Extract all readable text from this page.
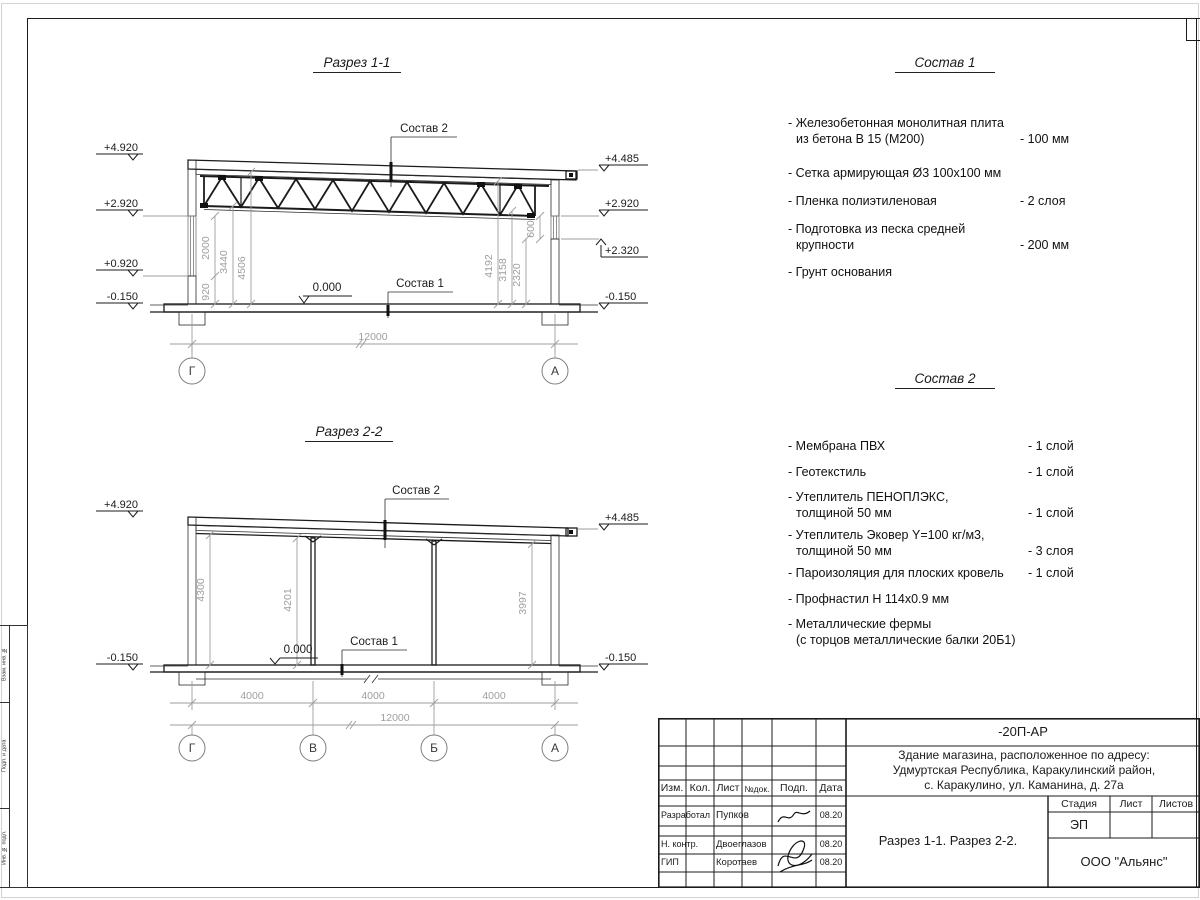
Взам. инв. №
Подп. и дата
Инв. № подл.
Разрез 1-1
Разрез 2-2
Состав 1
Состав 2
+4.920
+2.920
+0.920
-0.150
+4.485
+2.920
+2.320
-0.150
920
2000
3440 4506	4192 3158 2320
600
0.000	Состав 1
Состав 2
12000
Г	А
+4.920
-0.150
+4.485
-0.150
4300	4201	3997
0.000
Состав 1
Состав 2
4000	4000	4000
12000
Г	В	Б	А
- Железобетонная монолитная плита
из бетона В 15 (М200)	- 100 мм
- Сетка армирующая Ø3 100х100 мм
- Пленка полиэтиленовая	- 2 слоя
- Подготовка из песка средней
крупности	- 200 мм
- Грунт основания
- Мембрана ПВХ	- 1 слой
- Геотекстиль	- 1 слой
- Утеплитель ПЕНОПЛЭКС,
толщиной 50 мм	- 1 слой
- Утеплитель Эковер Y=100 кг/м3,
толщиной 50 мм	- 3 слоя
- Пароизоляция для плоских кровель - 1 слой
- Профнастил Н 114х0.9 мм
- Металлические фермы
(с торцов металлические балки 20Б1)
Изм. Кол. Лист №док.	Подп.	Дата
Разработал Пупков	08.20
Н. контр.	Двоеглазов	08.20
ГИП	Коротаев	08.20
-20П-АР
Здание магазина, расположенное по адресу:
Удмуртская Республика, Каракулинский район,
с. Каракулино, ул. Каманина, д. 27а
Стадия	Лист	Листов
ЭП
Разрез 1-1. Разрез 2-2.
ООО "Альянс"
